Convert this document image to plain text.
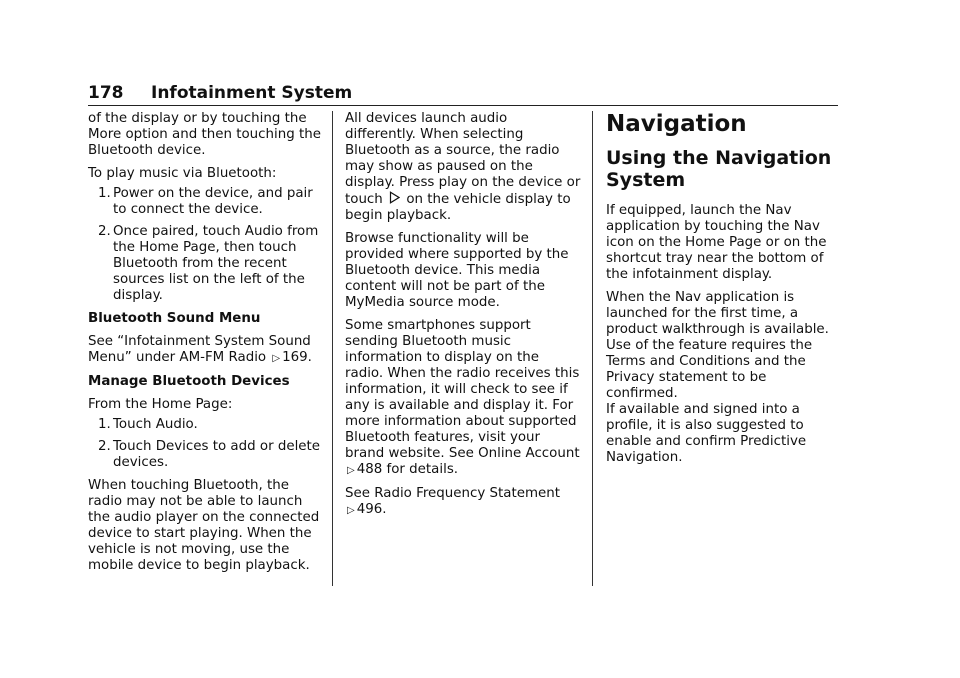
178 Infotainment System

of the display or by touching the More option and then touching the Bluetooth device.

To play music via Bluetooth:

1. Power on the device, and pair to connect the device.
2. Once paired, touch Audio from the Home Page, then touch Bluetooth from the recent sources list on the left of the display.
Bluetooth Sound Menu

See “Infotainment System Sound Menu” under AM-FM Radio ▷ 169.

Manage Bluetooth Devices

From the Home Page:

1. Touch Audio.
2. Touch Devices to add or delete devices.

When touching Bluetooth, the radio may not be able to launch the audio player on the connected device to start playing. When the vehicle is not moving, use the mobile device to begin playback.

All devices launch audio differently. When selecting Bluetooth as a source, the radio may show as paused on the display. Press play on the device or touch on the vehicle display to begin playback.

Browse functionality will be provided where supported by the Bluetooth device. This media content will not be part of the MyMedia source mode.

Some smartphones support sending Bluetooth music information to display on the radio. When the radio receives this information, it will check to see if any is available and display it. For more information about supported Bluetooth features, visit your brand website. See Online Account ▷ 488 for details.

See Radio Frequency Statement ▷ 496.

Navigation
Using the Navigation System

If equipped, launch the Nav application by touching the Nav icon on the Home Page or on the shortcut tray near the bottom of the infotainment display.

When the Nav application is launched for the first time, a product walkthrough is available. Use of the feature requires the Terms and Conditions and the Privacy statement to be confirmed.

If available and signed into a profile, it is also suggested to enable and confirm Predictive Navigation.
